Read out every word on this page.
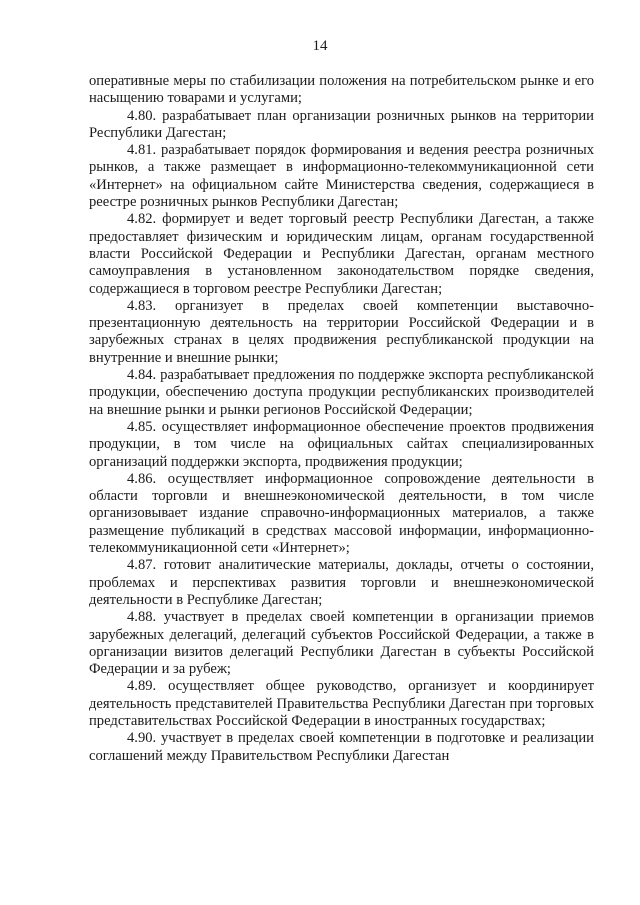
14

оперативные меры по стабилизации положения на потребительском рынке и его насыщению товарами и услугами;

4.80. разрабатывает план организации розничных рынков на территории Республики Дагестан;

4.81. разрабатывает порядок формирования и ведения реестра розничных рынков, а также размещает в информационно-телекоммуникационной сети «Интернет» на официальном сайте Министерства сведения, содержащиеся в реестре розничных рынков Республики Дагестан;

4.82. формирует и ведет торговый реестр Республики Дагестан, а также предоставляет физическим и юридическим лицам, органам государственной власти Российской Федерации и Республики Дагестан, органам местного самоуправления в установленном законодательством порядке сведения, содержащиеся в торговом реестре Республики Дагестан;

4.83. организует в пределах своей компетенции выставочно-презентационную деятельность на территории Российской Федерации и в зарубежных странах в целях продвижения республиканской продукции на внутренние и внешние рынки;

4.84. разрабатывает предложения по поддержке экспорта республиканской продукции, обеспечению доступа продукции республиканских производителей на внешние рынки и рынки регионов Российской Федерации;

4.85. осуществляет информационное обеспечение проектов продвижения продукции, в том числе на официальных сайтах специализированных организаций поддержки экспорта, продвижения продукции;

4.86. осуществляет информационное сопровождение деятельности в области торговли и внешнеэкономической деятельности, в том числе организовывает издание справочно-информационных материалов, а также размещение публикаций в средствах массовой информации, информационно-телекоммуникационной сети «Интернет»;

4.87. готовит аналитические материалы, доклады, отчеты о состоянии, проблемах и перспективах развития торговли и внешнеэкономической деятельности в Республике Дагестан;

4.88. участвует в пределах своей компетенции в организации приемов зарубежных делегаций, делегаций субъектов Российской Федерации, а также в организации визитов делегаций Республики Дагестан в субъекты Российской Федерации и за рубеж;

4.89. осуществляет общее руководство, организует и координирует деятельность представителей Правительства Республики Дагестан при торговых представительствах Российской Федерации в иностранных государствах;

4.90. участвует в пределах своей компетенции в подготовке и реализации соглашений между Правительством Республики Дагестан
